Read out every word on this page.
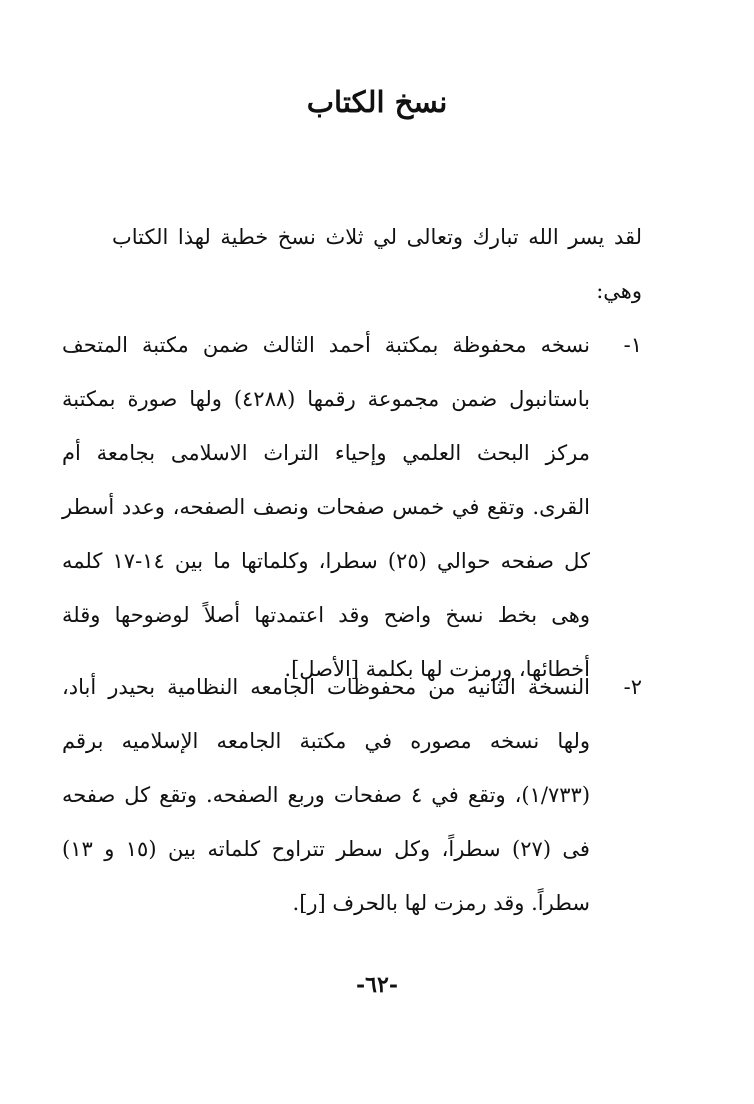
نسخ الكتاب

لقد يسر الله تبارك وتعالى لي ثلاث نسخ خطية لهذا الكتاب وهي:

١-
نسخه محفوظة بمكتبة أحمد الثالث ضمن مكتبة المتحف باستانبول ضمن مجموعة رقمها (٤٢٨٨) ولها صورة بمكتبة مركز البحث العلمي وإحياء التراث الاسلامى بجامعة أم القرى. وتقع في خمس صفحات ونصف الصفحه، وعدد أسطر كل صفحه حوالي (٢٥) سطرا، وكلماتها ما بين ١٤-١٧ كلمه وهى بخط نسخ واضح وقد اعتمدتها أصلاً لوضوحها وقلة أخطائها، ورمزت لها بكلمة [الأصل].
٢-
النسخة الثانيه من محفوظات الجامعه النظامية بحيدر أباد، ولها نسخه مصوره في مكتبة الجامعه الإسلاميه برقم (١/٧٣٣)، وتقع في ٤ صفحات وربع الصفحه. وتقع كل صفحه فى (٢٧) سطراً، وكل سطر تتراوح كلماته بين (١٥ و ١٣) سطراً. وقد رمزت لها بالحرف [ر].

-٦٢-
